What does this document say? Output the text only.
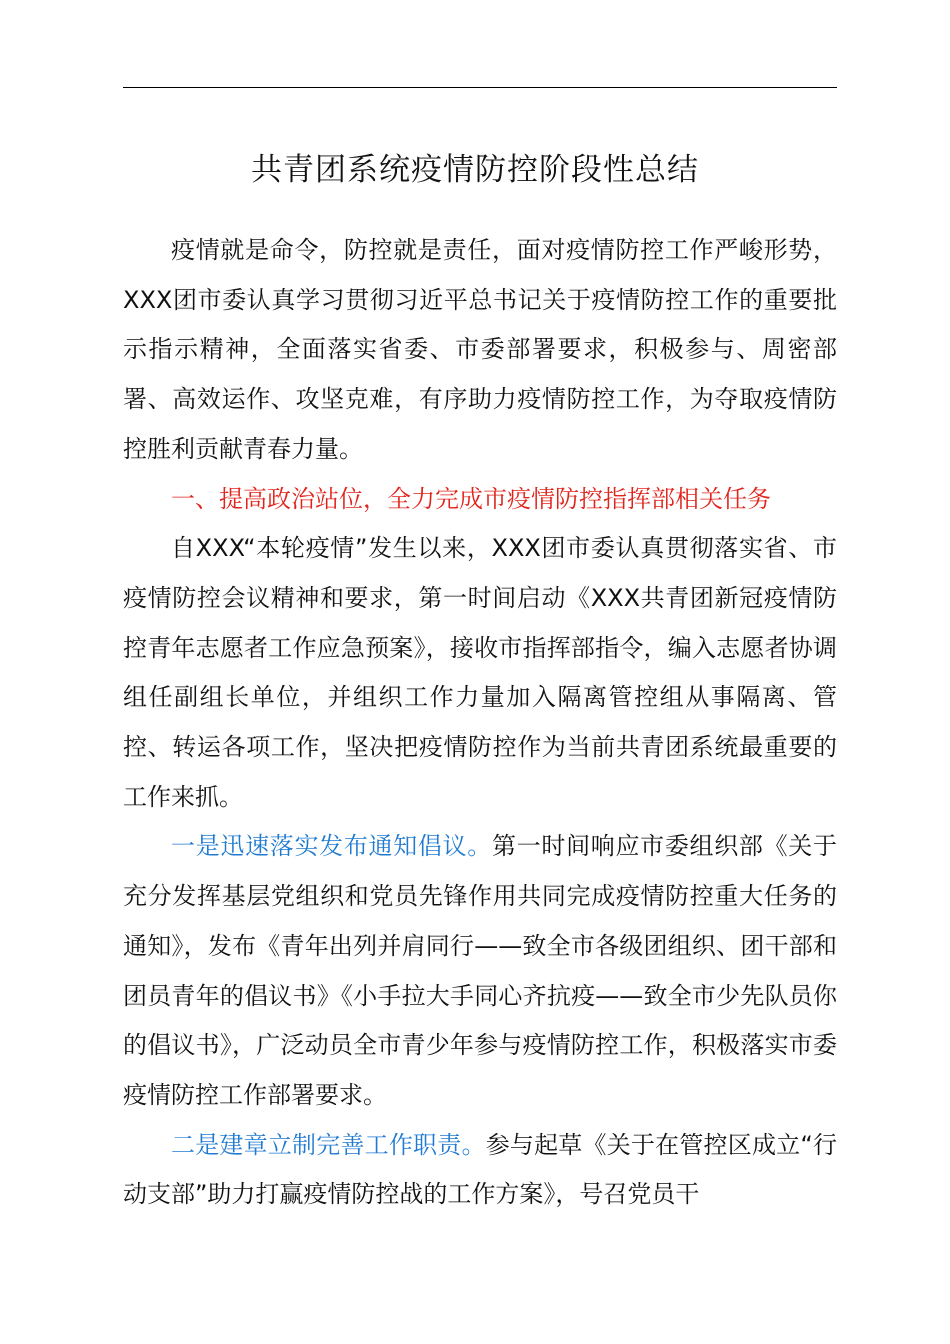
共青团系统疫情防控阶段性总结

疫情就是命令，防控就是责任，面对疫情防控工作严峻形势，XXX团市委认真学习贯彻习近平总书记关于疫情防控工作的重要批示指示精神，全面落实省委、市委部署要求，积极参与、周密部署、高效运作、攻坚克难，有序助力疫情防控工作，为夺取疫情防控胜利贡献青春力量。

一、提高政治站位，全力完成市疫情防控指挥部相关任务

自XXX“本轮疫情”发生以来，XXX团市委认真贯彻落实省、市疫情防控会议精神和要求，第一时间启动《XXX共青团新冠疫情防控青年志愿者工作应急预案》，接收市指挥部指令，编入志愿者协调组任副组长单位，并组织工作力量加入隔离管控组从事隔离、管控、转运各项工作，坚决把疫情防控作为当前共青团系统最重要的工作来抓。

一是迅速落实发布通知倡议。第一时间响应市委组织部《关于充分发挥基层党组织和党员先锋作用共同完成疫情防控重大任务的通知》，发布《青年出列并肩同行——致全市各级团组织、团干部和团员青年的倡议书》《小手拉大手同心齐抗疫——致全市少先队员你的倡议书》，广泛动员全市青少年参与疫情防控工作，积极落实市委疫情防控工作部署要求。

二是建章立制完善工作职责。参与起草《关于在管控区成立“行动支部”助力打赢疫情防控战的工作方案》，号召党员干
